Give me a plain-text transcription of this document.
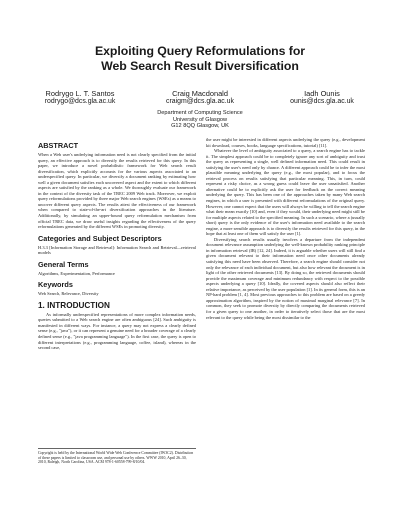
Exploiting Query Reformulations for
Web Search Result Diversification
Rodrygo L. T. Santos
rodrygo@dcs.gla.ac.uk
Craig Macdonald
craigm@dcs.gla.ac.uk
Iadh Ounis
ounis@dcs.gla.ac.uk
Department of Computing Science
University of Glasgow
G12 8QQ Glasgow, UK
ABSTRACT

When a Web user's underlying information need is not clearly specified from the initial query, an effective approach is to diversify the results retrieved for this query. In this paper, we introduce a novel probabilistic framework for Web search result diversification, which explicitly accounts for the various aspects associated to an underspecified query. In particular, we diversify a document ranking by estimating how well a given document satisfies each uncovered aspect and the extent to which different aspects are satisfied by the ranking as a whole. We thoroughly evaluate our framework in the context of the diversity task of the TREC 2009 Web track. Moreover, we exploit query reformulations provided by three major Web search engines (WSEs) as a means to uncover different query aspects. The results attest the effectiveness of our framework when compared to state-of-the-art diversification approaches in the literature. Additionally, by simulating an upper-bound query reformulation mechanism from official TREC data, we draw useful insights regarding the effectiveness of the query reformulations generated by the different WSEs in promoting diversity.

Categories and Subject Descriptors

H.3.3 [Information Storage and Retrieval]: Information Search and Retrieval—retrieval models

General Terms

Algorithms, Experimentation, Performance

Keywords

Web Search, Relevance, Diversity

1. INTRODUCTION

As informally underspecified representations of more complex information needs, queries submitted to a Web search engine are often ambiguous [24]. Such ambiguity is manifested in different ways. For instance, a query may not express a clearly defined sense (e.g., "java"), or it can represent a genuine need for a broader coverage of a clearly defined sense (e.g., "java programming language"). In the first case, the query is open to different interpretations (e.g., programming language, coffee, island), whereas in the second case,

Copyright is held by the International World Wide Web Conference Committee (IW3C2). Distribution of these papers is limited to classroom use, and personal use by others. WWW 2010, April 26–30, 2010, Raleigh, North Carolina, USA. ACM 978-1-60558-799-8/10/04.

the user might be interested in different aspects underlying the query (e.g., development kit download, courses, books, language specifications, tutorial) [11].

Whatever the level of ambiguity associated to a query, a search engine has to tackle it. The simplest approach could be to completely ignore any sort of ambiguity and trust the query as representing a single, well defined information need. This could result in satisfying the user's need only by chance. A different approach could be to infer the most plausible meaning underlying the query (e.g., the most popular), and to focus the retrieval process on results satisfying that particular meaning. This, in turn, could represent a risky choice, as a wrong guess could leave the user unsatisfied. Another alternative could be to explicitly ask the user for feedback on the correct meaning underlying the query. This has been one of the approaches taken by many Web search engines, in which a user is presented with different reformulations of the original query. However, one cannot expect that the users will always be willing to tell the search engine what their mean exactly [10] and, even if they would, their underlying need might still be for multiple aspects related to the specified meaning. In such a scenario, where a (usually short) query is the only evidence of the user's information need available to the search engine, a more sensible approach is to diversify the results retrieved for this query, in the hope that at least one of them will satisfy the user [1].

Diversifying search results usually involves a departure from the independent document relevance assumption underlying the well-known probability ranking principle in information retrieval (IR) [12, 24]. Indeed, it is arguable whether users will still find a given document relevant to their information need once other documents already satisfying this need have been observed. Therefore, a search engine should consider not only the relevance of each individual document, but also how relevant the document is in light of the other retrieved documents [13]. By doing so, the retrieved documents should provide the maximum coverage and minimum redundancy with respect to the possible aspects underlying a query [10]. Ideally, the covered aspects should also reflect their relative importance, as perceived by the user population [1]. In its general form, this is an NP-hard problem [1, 4]. Most previous approaches to this problem are based on a greedy approximation algorithm, inspired by the notion of maximal marginal relevance [7]. In common, they seek to promote diversity by directly comparing the documents retrieved for a given query to one another, in order to iteratively select those that are the most relevant to the query while being the most dissimilar to the
